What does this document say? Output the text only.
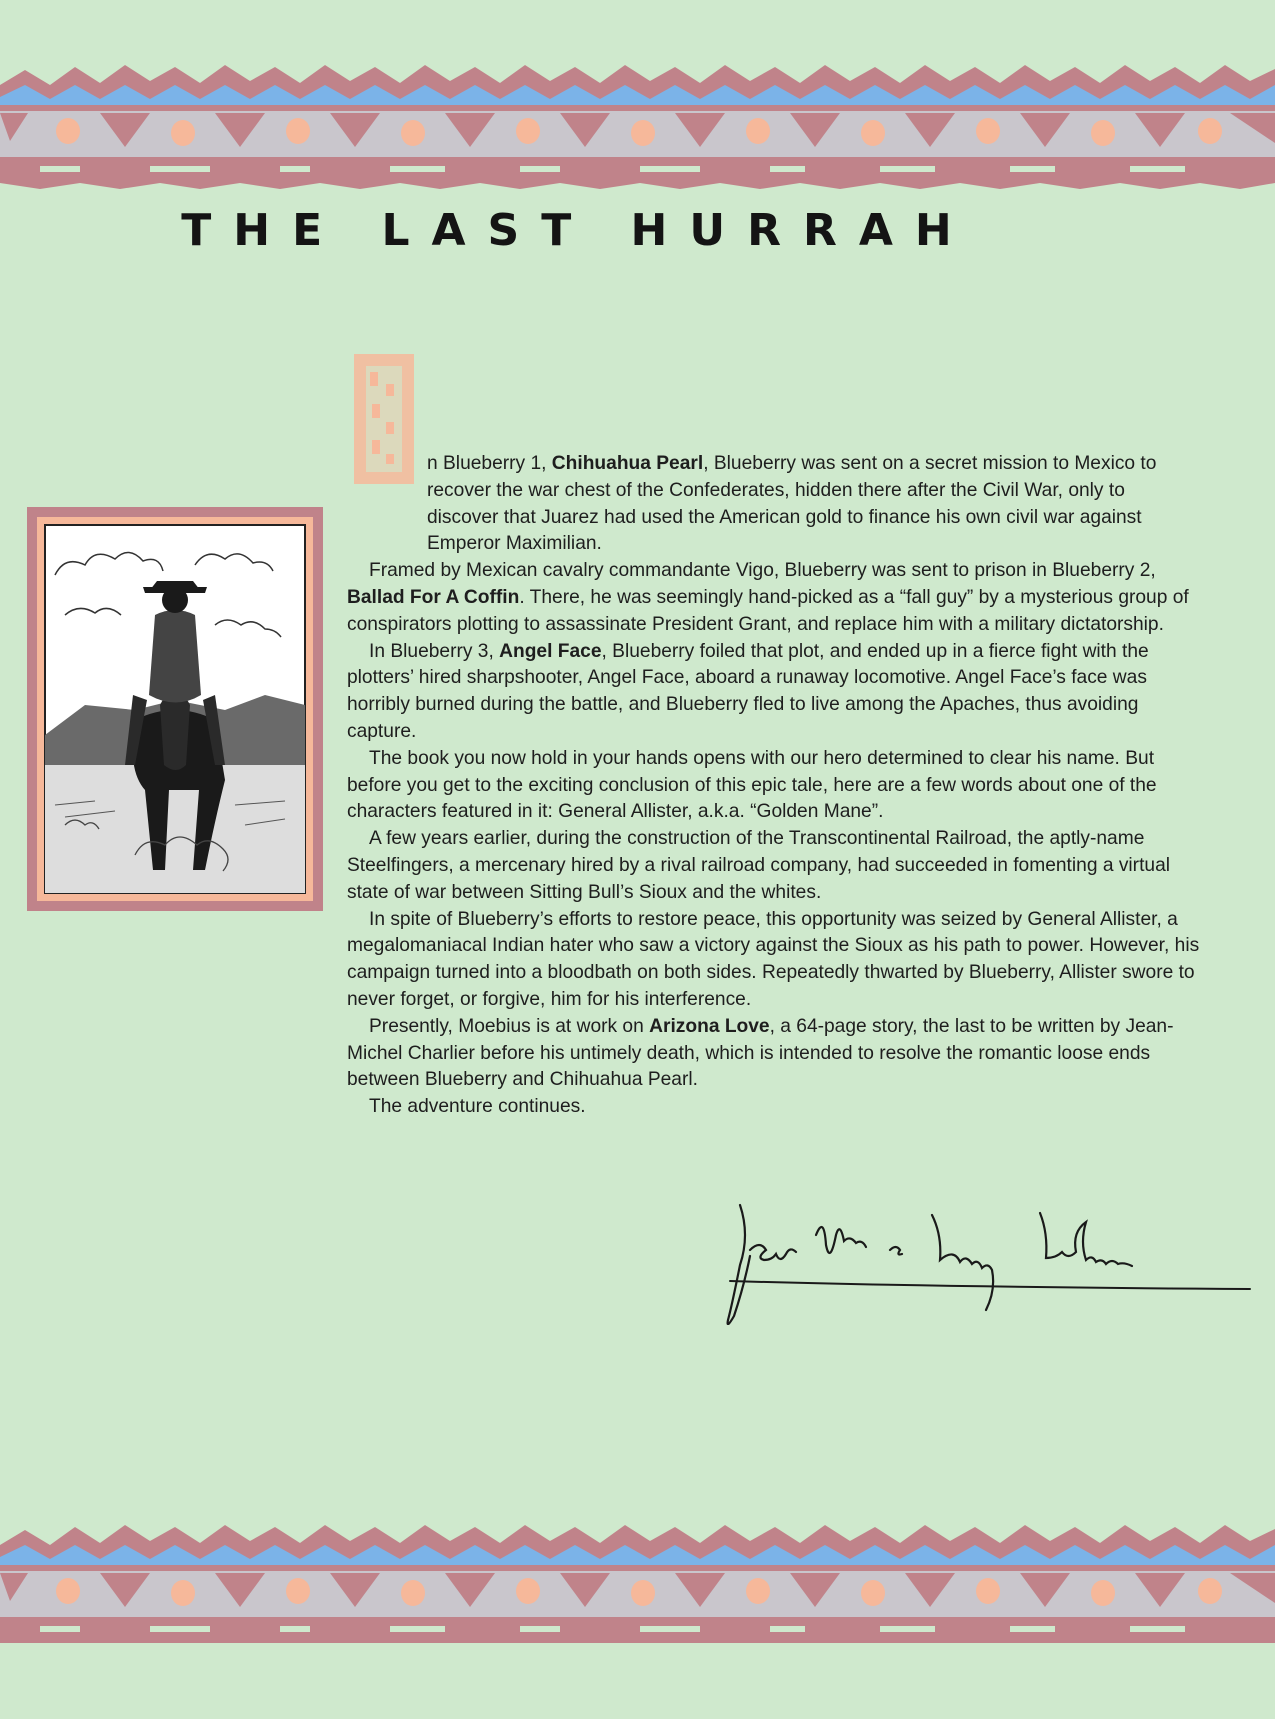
THE LAST HURRAH

n Blueberry 1, Chihuahua Pearl, Blueberry was sent on a secret mission to Mexico to recover the war chest of the Confederates, hidden there after the Civil War, only to discover that Juarez had used the American gold to finance his own civil war against Emperor Maximilian.

Framed by Mexican cavalry commandante Vigo, Blueberry was sent to prison in Blueberry 2, Ballad For A Coffin. There, he was seemingly hand-picked as a “fall guy” by a mysterious group of conspirators plotting to assassinate President Grant, and replace him with a military dictatorship.

In Blueberry 3, Angel Face, Blueberry foiled that plot, and ended up in a fierce fight with the plotters’ hired sharpshooter, Angel Face, aboard a runaway locomotive. Angel Face’s face was horribly burned during the battle, and Blueberry fled to live among the Apaches, thus avoiding capture.

The book you now hold in your hands opens with our hero determined to clear his name. But before you get to the exciting conclusion of this epic tale, here are a few words about one of the characters featured in it: General Allister, a.k.a. “Golden Mane”.

A few years earlier, during the construction of the Transcontinental Railroad, the aptly-name Steelfingers, a mercenary hired by a rival railroad company, had succeeded in fomenting a virtual state of war between Sitting Bull’s Sioux and the whites.

In spite of Blueberry’s efforts to restore peace, this opportunity was seized by General Allister, a megalomaniacal Indian hater who saw a victory against the Sioux as his path to power. However, his campaign turned into a bloodbath on both sides. Repeatedly thwarted by Blueberry, Allister swore to never forget, or forgive, him for his interference.

Presently, Moebius is at work on Arizona Love, a 64-page story, the last to be written by Jean-Michel Charlier before his untimely death, which is intended to resolve the romantic loose ends between Blueberry and Chihuahua Pearl.

The adventure continues.
